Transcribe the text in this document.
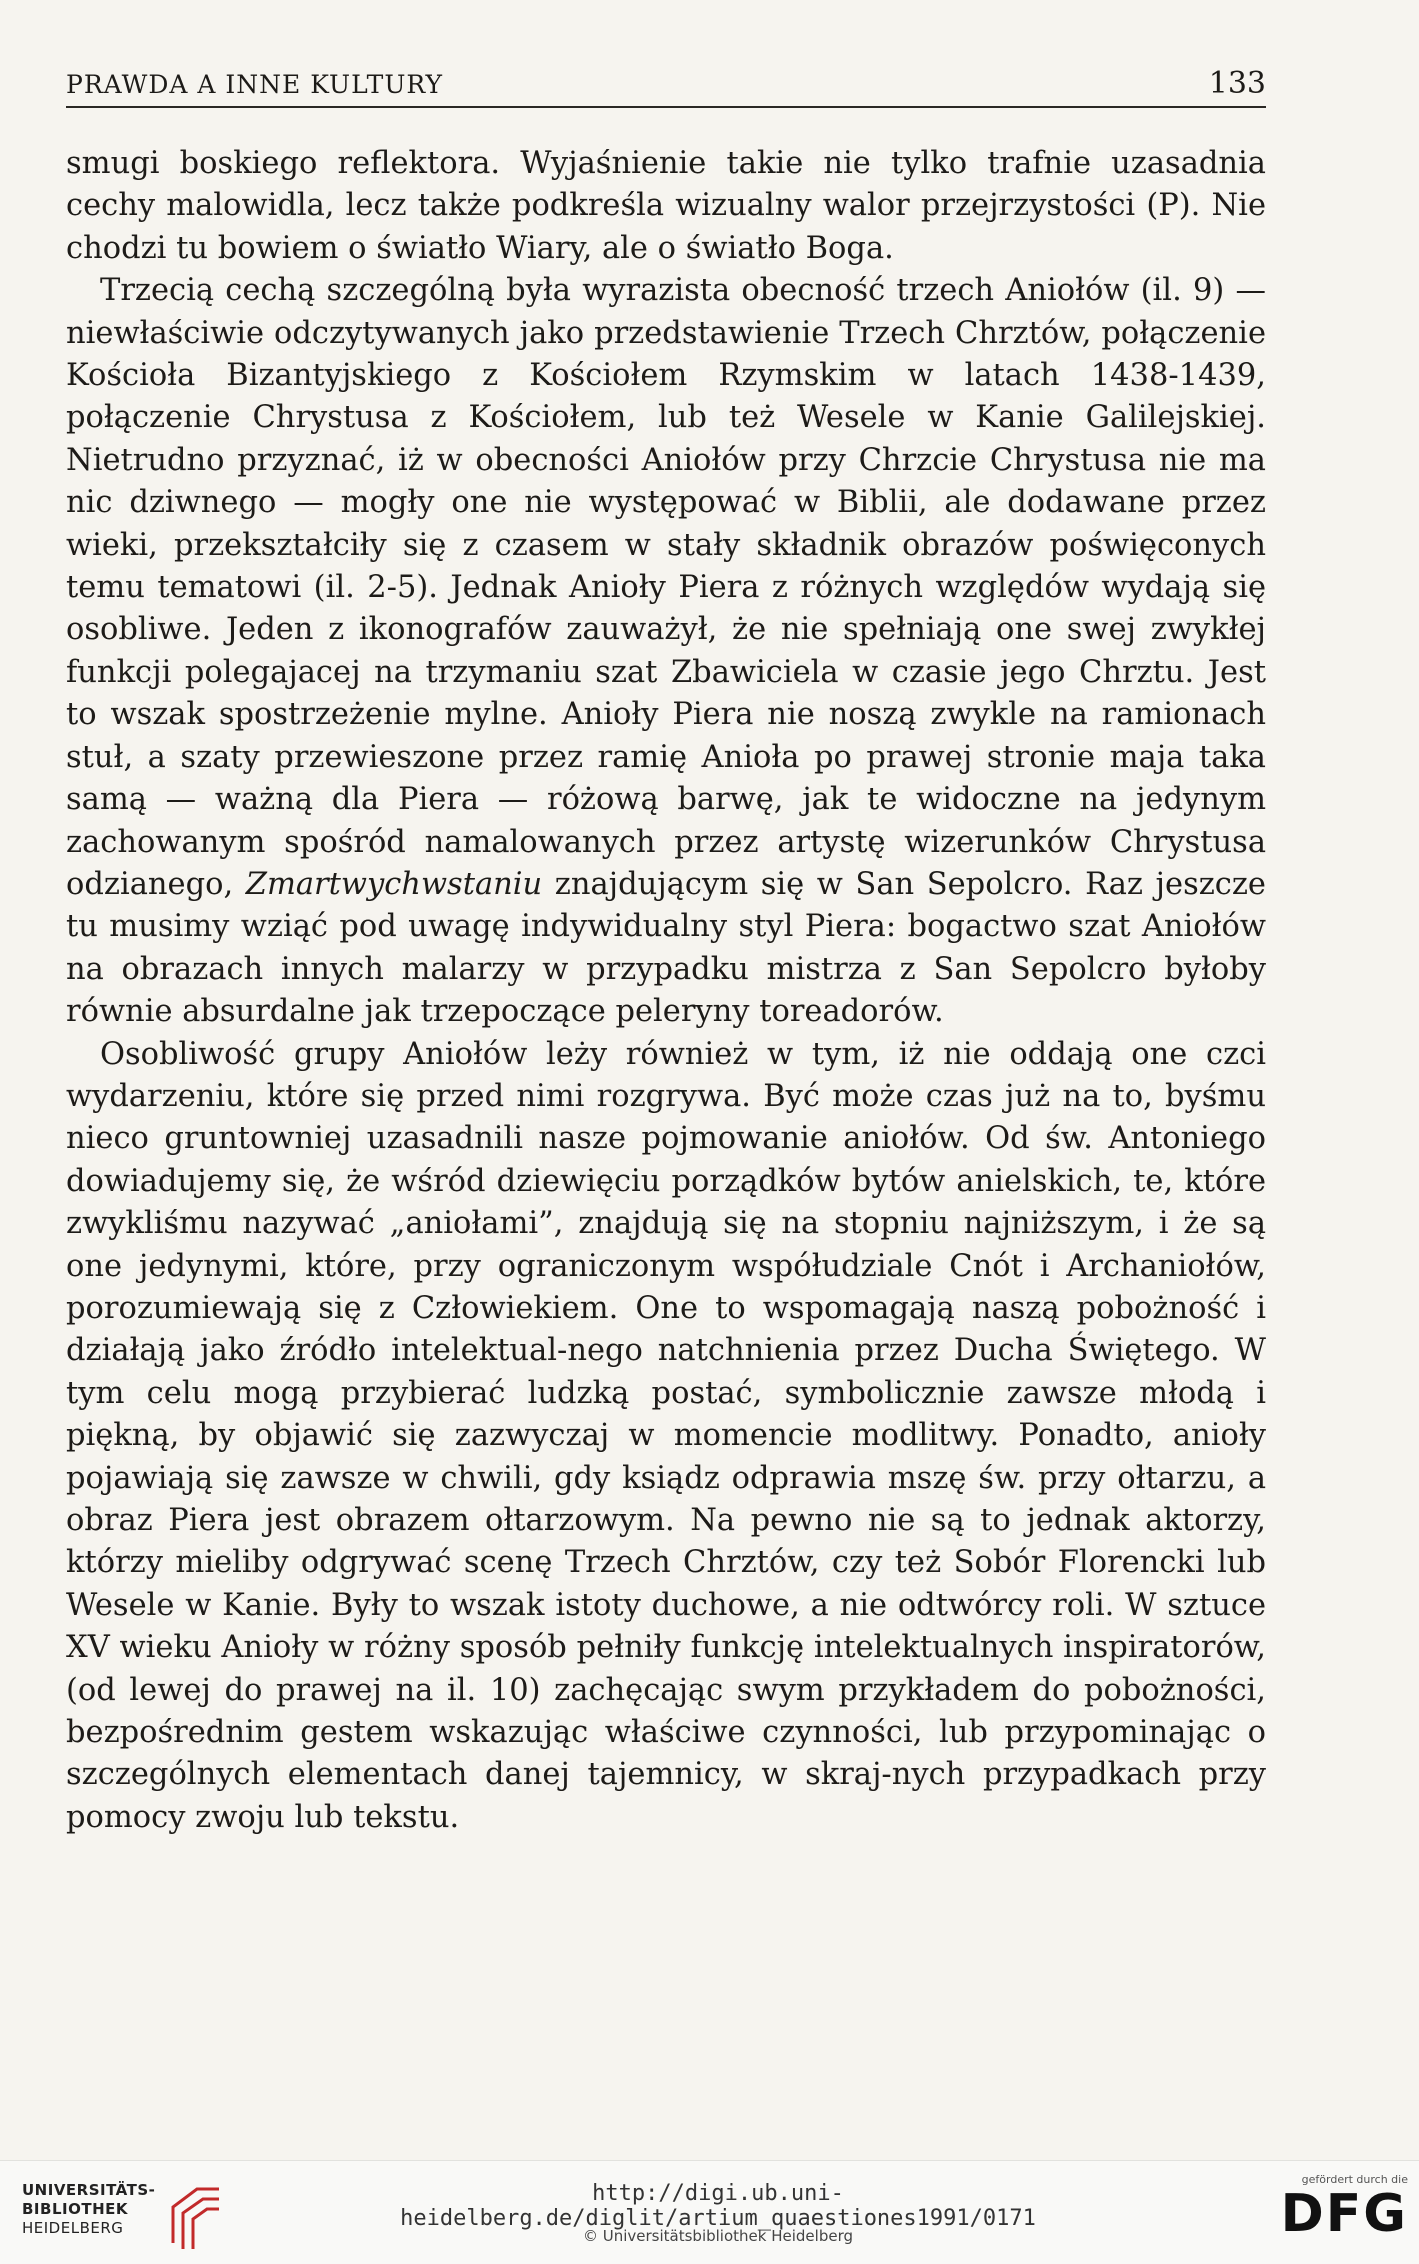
PRAWDA A INNE KULTURY	133

smugi boskiego reflektora. Wyjaśnienie takie nie tylko trafnie uzasadnia cechy malowidla, lecz także podkreśla wizualny walor przejrzystości (P). Nie chodzi tu bowiem o światło Wiary, ale o światło Boga.

Trzecią cechą szczególną była wyrazista obecność trzech Aniołów (il. 9) — niewłaściwie odczytywanych jako przedstawienie Trzech Chrztów, połączenie Kościoła Bizantyjskiego z Kościołem Rzymskim w latach 1438-1439, połączenie Chrystusa z Kościołem, lub też Wesele w Kanie Galilejskiej. Nietrudno przyznać, iż w obecności Aniołów przy Chrzcie Chrystusa nie ma nic dziwnego — mogły one nie występować w Biblii, ale dodawane przez wieki, przekształciły się z czasem w stały składnik obrazów poświęconych temu tematowi (il. 2-5). Jednak Anioły Piera z różnych względów wydają się osobliwe. Jeden z ikonografów zauważył, że nie spełniają one swej zwykłej funkcji polegajacej na trzymaniu szat Zbawiciela w czasie jego Chrztu. Jest to wszak spostrzeżenie mylne. Anioły Piera nie noszą zwykle na ramionach stuł, a szaty przewieszone przez ramię Anioła po prawej stronie maja taka samą — ważną dla Piera — różową barwę, jak te widoczne na jedynym zachowanym spośród namalowanych przez artystę wizerunków Chrystusa odzianego, Zmartwychwstaniu znajdującym się w San Sepolcro. Raz jeszcze tu musimy wziąć pod uwagę indywidualny styl Piera: bogactwo szat Aniołów na obrazach innych malarzy w przypadku mistrza z San Sepolcro byłoby równie absurdalne jak trzepoczące peleryny toreadorów.

Osobliwość grupy Aniołów leży również w tym, iż nie oddają one czci wydarzeniu, które się przed nimi rozgrywa. Być może czas już na to, byśmu nieco gruntowniej uzasadnili nasze pojmowanie aniołów. Od św. Antoniego dowiadujemy się, że wśród dziewięciu porządków bytów anielskich, te, które zwykliśmu nazywać „aniołami”, znajdują się na stopniu najniższym, i że są one jedynymi, które, przy ograniczonym współudziale Cnót i Archaniołów, porozumiewają się z Człowiekiem. One to wspomagają naszą pobożność i działają jako źródło intelektual-nego natchnienia przez Ducha Świętego. W tym celu mogą przybierać ludzką postać, symbolicznie zawsze młodą i piękną, by objawić się zazwyczaj w momencie modlitwy. Ponadto, anioły pojawiają się zawsze w chwili, gdy ksiądz odprawia mszę św. przy ołtarzu, a obraz Piera jest obrazem ołtarzowym. Na pewno nie są to jednak aktorzy, którzy mieliby odgrywać scenę Trzech Chrztów, czy też Sobór Florencki lub Wesele w Kanie. Były to wszak istoty duchowe, a nie odtwórcy roli. W sztuce XV wieku Anioły w różny sposób pełniły funkcję intelektualnych inspiratorów, (od lewej do prawej na il. 10) zachęcając swym przykładem do pobożności, bezpośrednim gestem wskazując właściwe czynności, lub przypominając o szczególnych elementach danej tajemnicy, w skraj-nych przypadkach przy pomocy zwoju lub tekstu.

UNIVERSITÄTS-
BIBLIOTHEK
HEIDELBERG
http://digi.ub.uni-heidelberg.de/diglit/artium_quaestiones1991/0171
© Universitätsbibliothek Heidelberg
gefördert durch die
DFG
